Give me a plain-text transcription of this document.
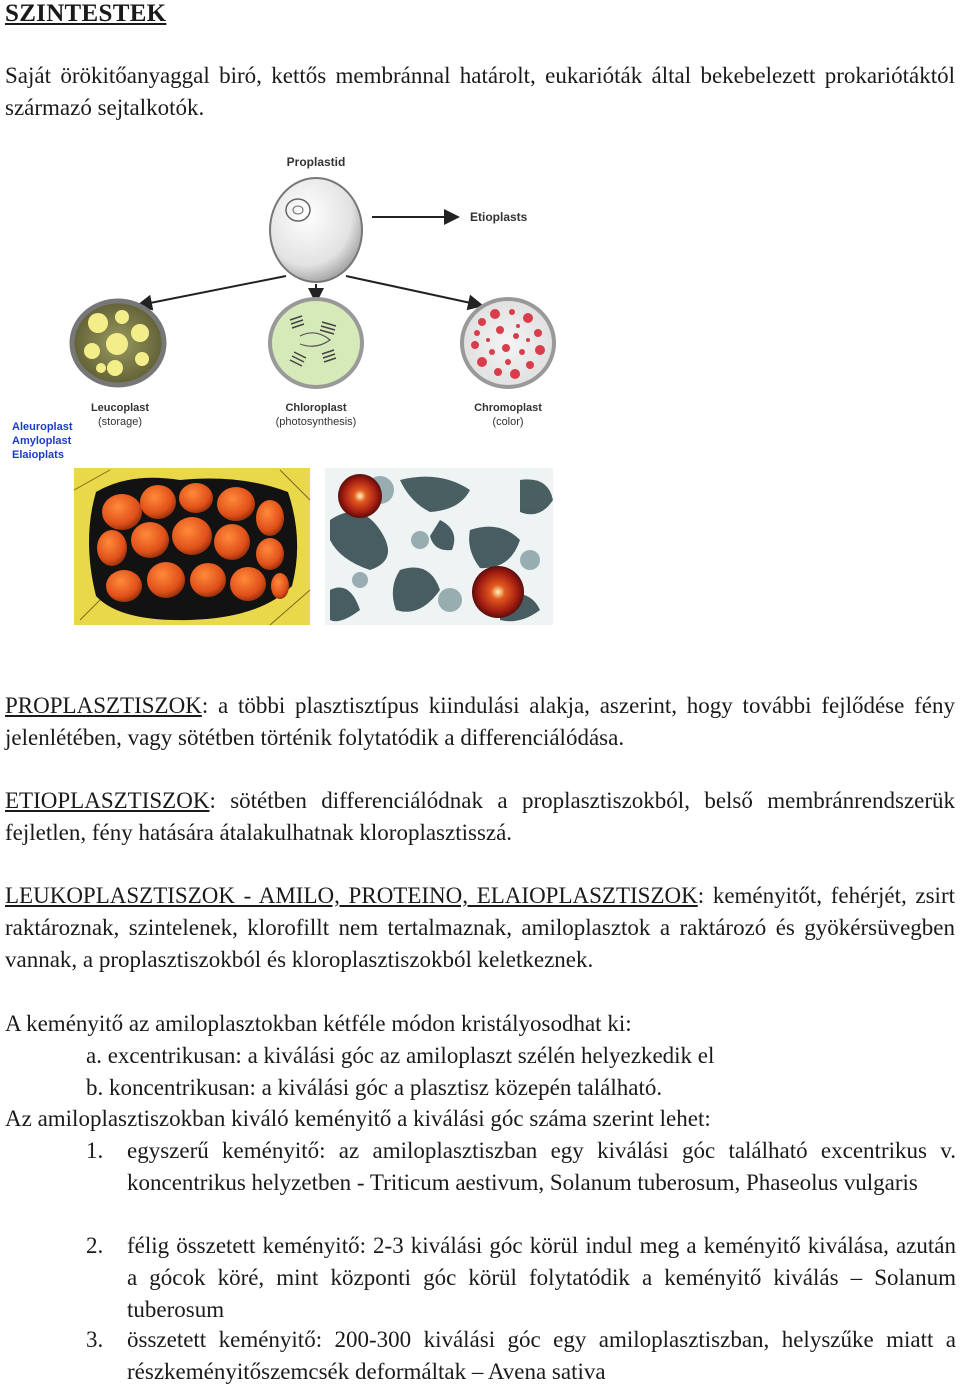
SZINTESTEK

Saját örökitőanyaggal biró, kettős membránnal határolt, eukarióták által bekebelezett prokariótáktól származó sejtalkotók.

Proplastid
Etioplasts
Leucoplast
(storage)
Chloroplast
(photosynthesis)
Chromoplast
(color)
Aleuroplast
Amyloplast
Elaioplats

PROPLASZTISZOK: a többi plasztisztípus kiindulási alakja, aszerint, hogy további fejlődése fény jelenlétében, vagy sötétben történik folytatódik a differenciálódása.

ETIOPLASZTISZOK: sötétben differenciálódnak a proplasztiszokból, belső membránrendszerük fejletlen, fény hatására átalakulhatnak kloroplasztisszá.

LEUKOPLASZTISZOK - AMILO, PROTEINO, ELAIOPLASZTISZOK: keményitőt, fehérjét, zsirt raktároznak, szintelenek, klorofillt nem tertalmaznak, amiloplasztok a raktározó és gyökérsüvegben vannak, a proplasztiszokból és kloroplasztiszokból keletkeznek.

A keményitő az amiloplasztokban kétféle módon kristályosodhat ki:
a. excentrikusan: a kiválási góc az amiloplaszt szélén helyezkedik el
b. koncentrikusan: a kiválási góc a plasztisz közepén található.
Az amiloplasztiszokban kiváló keményitő a kiválási góc száma szerint lehet:
1. egyszerű keményitő: az amiloplasztiszban egy kiválási góc található excentrikus v. koncentrikus helyzetben - Triticum aestivum, Solanum tuberosum, Phaseolus vulgaris
2. félig összetett keményitő: 2-3 kiválási góc körül indul meg a keményitő kiválása, azután a gócok köré, mint központi góc körül folytatódik a keményitő kiválás – Solanum tuberosum
3. összetett keményitő: 200-300 kiválási góc egy amiloplasztiszban, helyszűke miatt a részkeményitőszemcsék deformáltak – Avena sativa
